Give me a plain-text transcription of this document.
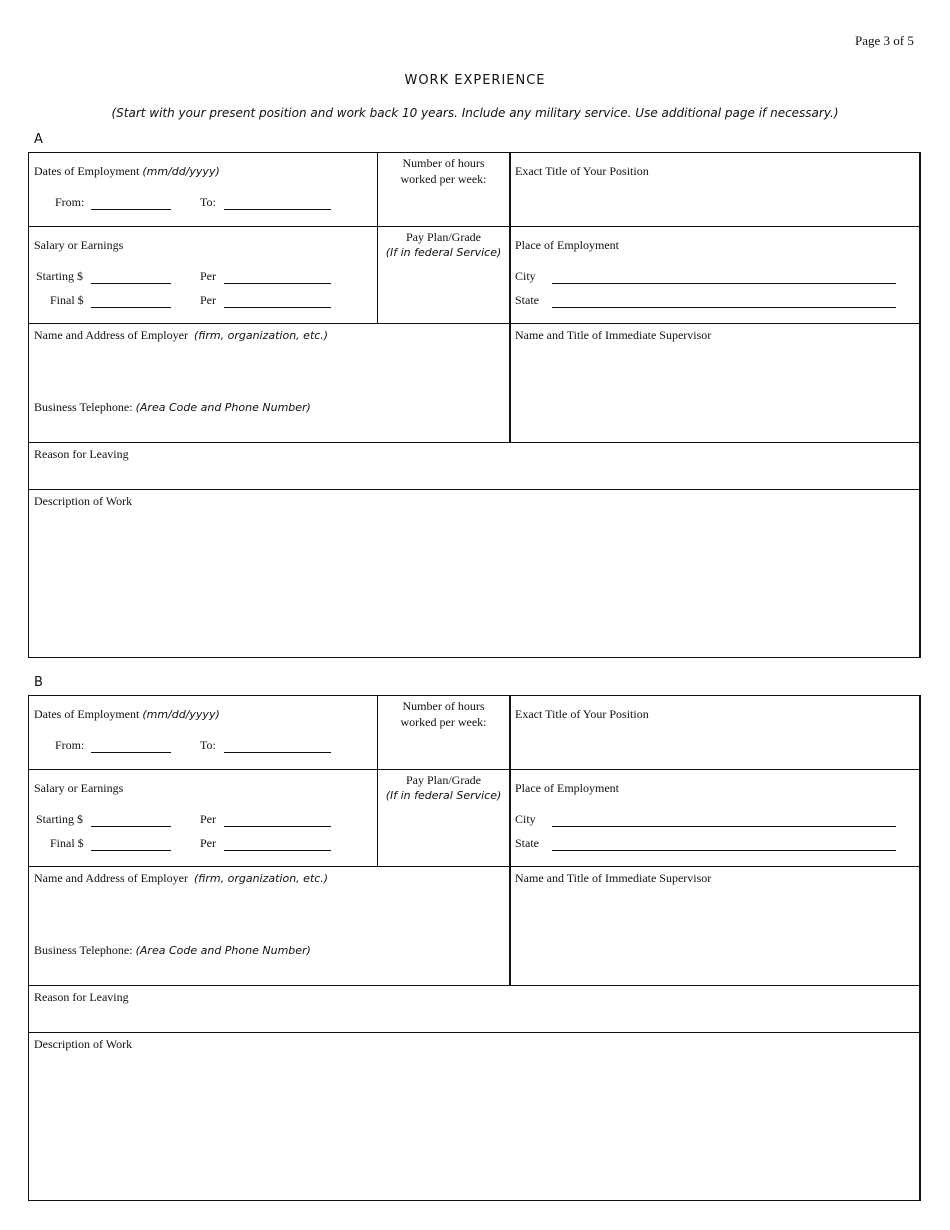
Page 3 of 5
WORK EXPERIENCE
(Start with your present position and work back 10 years. Include any military service. Use additional page if necessary.)
A
Dates of Employment (mm/dd/yyyy)
From:	To:
Number of hours
worked per week:
Exact Title of Your Position
Salary or Earnings
Starting $	Per
Final $	Per
Pay Plan/Grade
(If in federal Service)
Place of Employment
City
State
Name and Address of Employer (firm, organization, etc.)
Business Telephone: (Area Code and Phone Number)
Name and Title of Immediate Supervisor
Reason for Leaving
Description of Work
B
Dates of Employment (mm/dd/yyyy)
From:	To:
Number of hours
worked per week:
Exact Title of Your Position
Salary or Earnings
Starting $	Per
Final $	Per
Pay Plan/Grade
(If in federal Service)
Place of Employment
City
State
Name and Address of Employer (firm, organization, etc.)
Business Telephone: (Area Code and Phone Number)
Name and Title of Immediate Supervisor
Reason for Leaving
Description of Work
